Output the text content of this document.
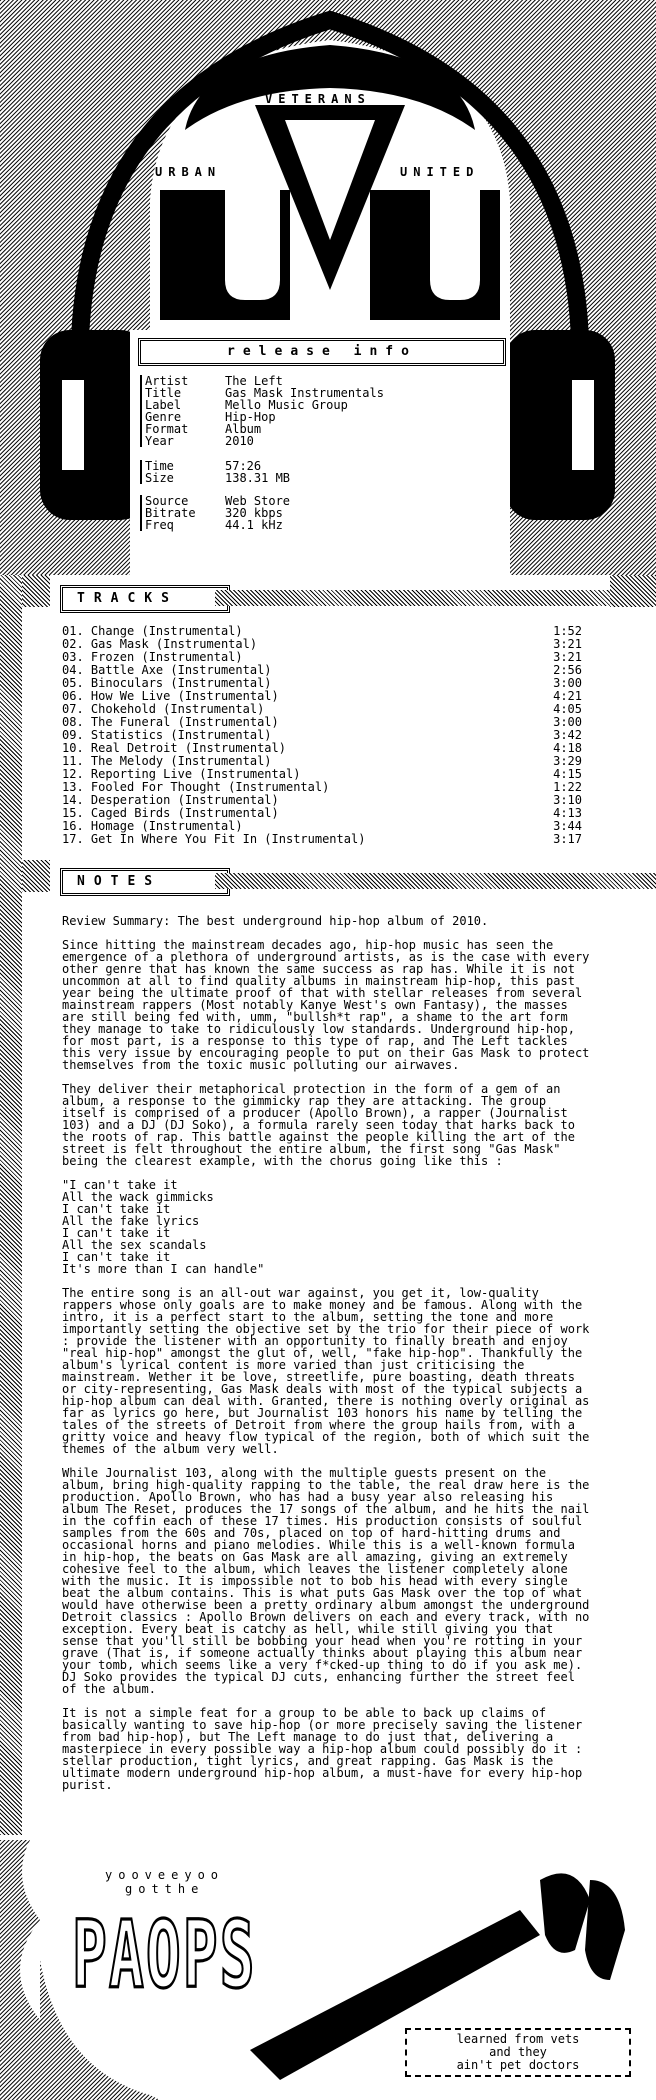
VETERANS
URBAN	UNITED
release info
Artist	The Left
Title	Gas Mask Instrumentals
Label	Mello Music Group
Genre	Hip-Hop
Format	Album
Year	2010
Time	57:26
Size	138.31 MB
Source	Web Store
Bitrate 320 kbps
Freq	44.1 kHz
TRACKS
01. Change (Instrumental)	1:52
02. Gas Mask (Instrumental)	3:21
03. Frozen (Instrumental)	3:21
04. Battle Axe (Instrumental)	2:56
05. Binoculars (Instrumental)	3:00
06. How We Live (Instrumental)	4:21
07. Chokehold (Instrumental)	4:05
08. The Funeral (Instrumental)	3:00
09. Statistics (Instrumental)	3:42
10. Real Detroit (Instrumental)	4:18
11. The Melody (Instrumental)	3:29
12. Reporting Live (Instrumental)	4:15
13. Fooled For Thought (Instrumental)	1:22
14. Desperation (Instrumental)	3:10
15. Caged Birds (Instrumental)	4:13
16. Homage (Instrumental)	3:44
17. Get In Where You Fit In (Instrumental)	3:17
NOTES

Review Summary: The best underground hip-hop album of 2010.

Since hitting the mainstream decades ago, hip-hop music has seen the
emergence of a plethora of underground artists, as is the case with every
other genre that has known the same success as rap has. While it is not
uncommon at all to find quality albums in mainstream hip-hop, this past
year being the ultimate proof of that with stellar releases from several
mainstream rappers (Most notably Kanye West's own Fantasy), the masses
are still being fed with, umm, "bullsh*t rap", a shame to the art form
they manage to take to ridiculously low standards. Underground hip-hop,
for most part, is a response to this type of rap, and The Left tackles
this very issue by encouraging people to put on their Gas Mask to protect
themselves from the toxic music polluting our airwaves.

They deliver their metaphorical protection in the form of a gem of an
album, a response to the gimmicky rap they are attacking. The group
itself is comprised of a producer (Apollo Brown), a rapper (Journalist
103) and a DJ (DJ Soko), a formula rarely seen today that harks back to
the roots of rap. This battle against the people killing the art of the
street is felt throughout the entire album, the first song "Gas Mask"
being the clearest example, with the chorus going like this :

"I can't take it
All the wack gimmicks
I can't take it
All the fake lyrics
I can't take it
All the sex scandals
I can't take it
It's more than I can handle"

The entire song is an all-out war against, you get it, low-quality
rappers whose only goals are to make money and be famous. Along with the
intro, it is a perfect start to the album, setting the tone and more
importantly setting the objective set by the trio for their piece of work
: provide the listener with an opportunity to finally breath and enjoy
"real hip-hop" amongst the glut of, well, "fake hip-hop". Thankfully the
album's lyrical content is more varied than just criticising the
mainstream. Wether it be love, streetlife, pure boasting, death threats
or city-representing, Gas Mask deals with most of the typical subjects a
hip-hop album can deal with. Granted, there is nothing overly original as
far as lyrics go here, but Journalist 103 honors his name by telling the
tales of the streets of Detroit from where the group hails from, with a
gritty voice and heavy flow typical of the region, both of which suit the
themes of the album very well.

While Journalist 103, along with the multiple guests present on the
album, bring high-quality rapping to the table, the real draw here is the
production. Apollo Brown, who has had a busy year also releasing his
album The Reset, produces the 17 songs of the album, and he hits the nail
in the coffin each of these 17 times. His production consists of soulful
samples from the 60s and 70s, placed on top of hard-hitting drums and
occasional horns and piano melodies. While this is a well-known formula
in hip-hop, the beats on Gas Mask are all amazing, giving an extremely
cohesive feel to the album, which leaves the listener completely alone
with the music. It is impossible not to bob his head with every single
beat the album contains. This is what puts Gas Mask over the top of what
would have otherwise been a pretty ordinary album amongst the underground
Detroit classics : Apollo Brown delivers on each and every track, with no
exception. Every beat is catchy as hell, while still giving you that
sense that you'll still be bobbing your head when you're rotting in your
grave (That is, if someone actually thinks about playing this album near
your tomb, which seems like a very f*cked-up thing to do if you ask me).
DJ Soko provides the typical DJ cuts, enhancing further the street feel
of the album.

It is not a simple feat for a group to be able to back up claims of
basically wanting to save hip-hop (or more precisely saving the listener
from bad hip-hop), but The Left manage to do just that, delivering a
masterpiece in every possible way a hip-hop album could possibly do it :
stellar production, tight lyrics, and great rapping. Gas Mask is the
ultimate modern underground hip-hop album, a must-have for every hip-hop
purist.

yooveeyoo
gotthe
PAOPS
learned from vets
and they
ain't pet doctors
